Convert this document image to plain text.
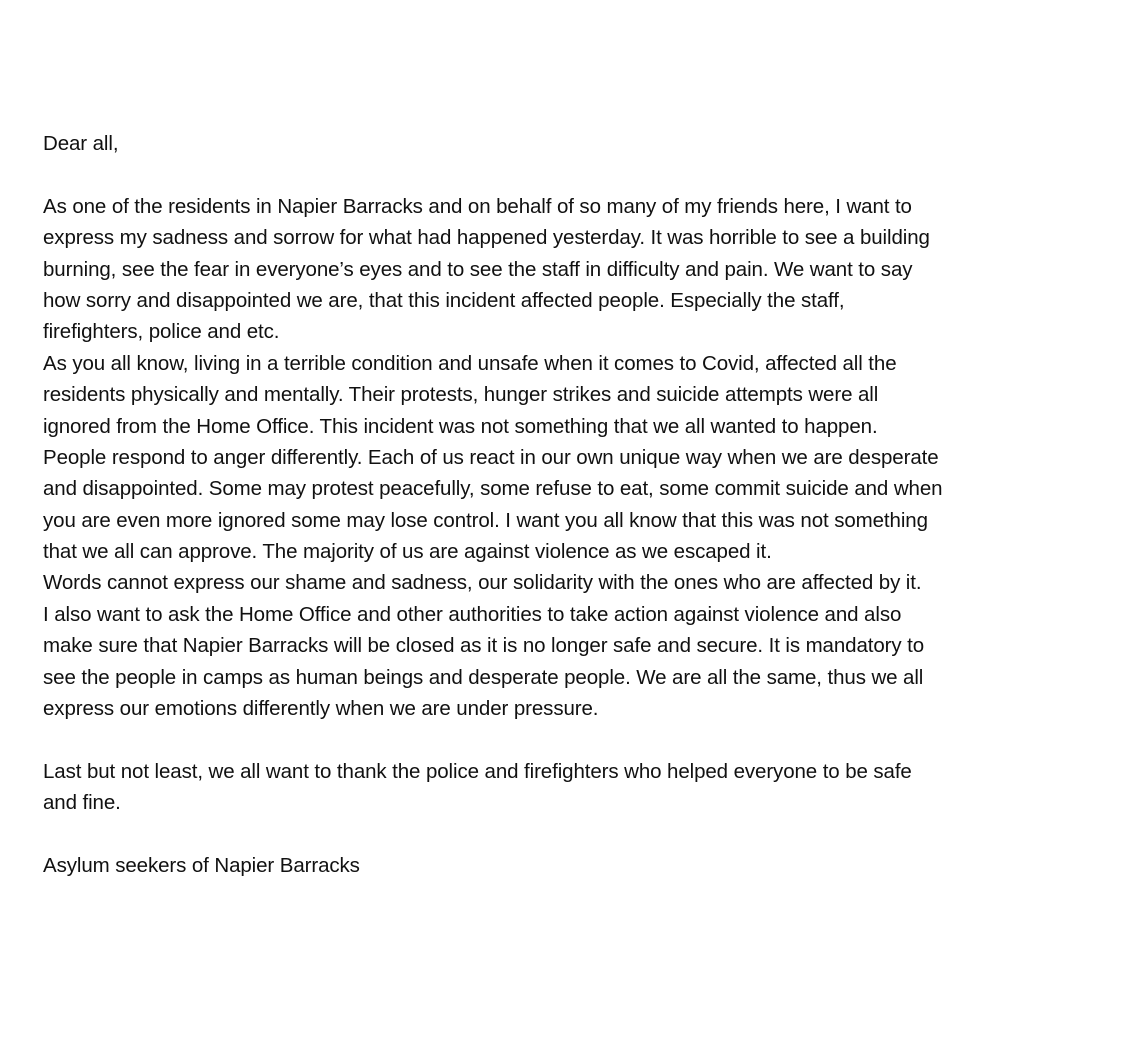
Dear all,
As one of the residents in Napier Barracks and on behalf of so many of my friends here, I want to
express my sadness and sorrow for what had happened yesterday. It was horrible to see a building
burning, see the fear in everyone’s eyes and to see the staff in difficulty and pain. We want to say
how sorry and disappointed we are, that this incident affected people. Especially the staff,
firefighters, police and etc.
As you all know, living in a terrible condition and unsafe when it comes to Covid, affected all the
residents physically and mentally. Their protests, hunger strikes and suicide attempts were all
ignored from the Home Office. This incident was not something that we all wanted to happen.
People respond to anger differently. Each of us react in our own unique way when we are desperate
and disappointed. Some may protest peacefully, some refuse to eat, some commit suicide and when
you are even more ignored some may lose control. I want you all know that this was not something
that we all can approve. The majority of us are against violence as we escaped it.
Words cannot express our shame and sadness, our solidarity with the ones who are affected by it.
I also want to ask the Home Office and other authorities to take action against violence and also
make sure that Napier Barracks will be closed as it is no longer safe and secure. It is mandatory to
see the people in camps as human beings and desperate people. We are all the same, thus we all
express our emotions differently when we are under pressure.
Last but not least, we all want to thank the police and firefighters who helped everyone to be safe
and fine.
Asylum seekers of Napier Barracks
